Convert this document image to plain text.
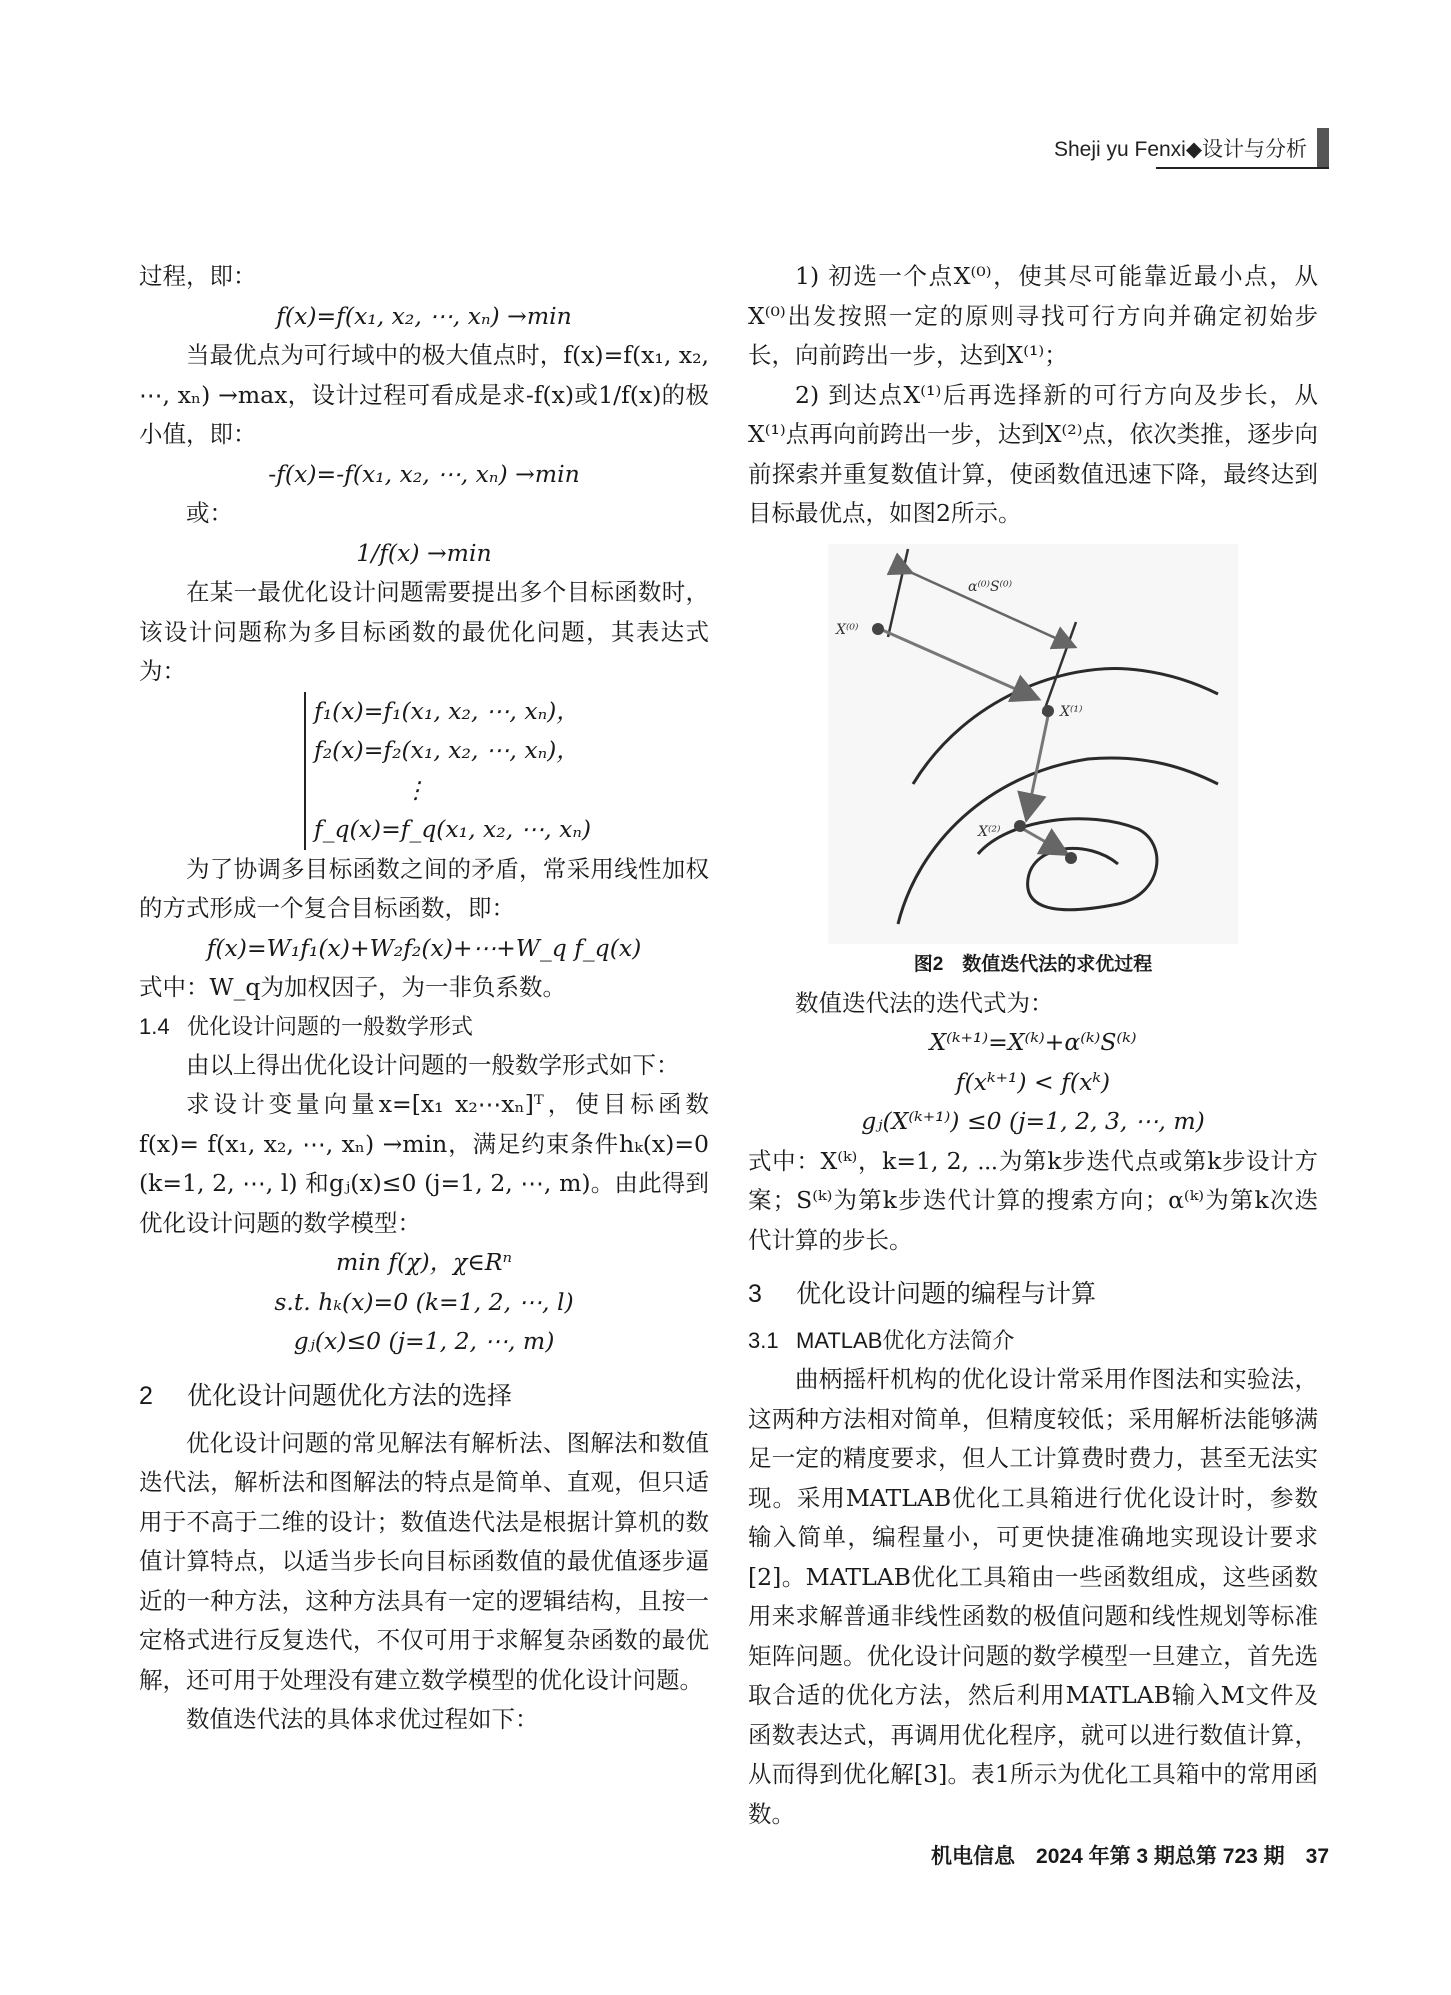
Sheji yu Fenxi◆设计与分析

过程，即：

f(x)=f(x₁, x₂, ⋯, xₙ) →min

当最优点为可行域中的极大值点时，f(x)=f(x₁, x₂, ⋯, xₙ) →max，设计过程可看成是求-f(x)或1/f(x)的极小值，即：

-f(x)=-f(x₁, x₂, ⋯, xₙ) →min

或：

1/f(x) →min

在某一最优化设计问题需要提出多个目标函数时，该设计问题称为多目标函数的最优化问题，其表达式为：

f₁(x)=f₁(x₁, x₂, ⋯, xₙ)，
f₂(x)=f₂(x₁, x₂, ⋯, xₙ)，
⋮
f_q(x)=f_q(x₁, x₂, ⋯, xₙ)

为了协调多目标函数之间的矛盾，常采用线性加权的方式形成一个复合目标函数，即：

f(x)=W₁f₁(x)+W₂f₂(x)+⋯+W_q f_q(x)

式中：W_q为加权因子，为一非负系数。

1.4 优化设计问题的一般数学形式

由以上得出优化设计问题的一般数学形式如下：

求设计变量向量x=[x₁ x₂⋯xₙ]ᵀ，使目标函数f(x)= f(x₁, x₂, ⋯, xₙ) →min，满足约束条件hₖ(x)=0 (k=1, 2, ⋯, l) 和gⱼ(x)≤0 (j=1, 2, ⋯, m)。由此得到优化设计问题的数学模型：

min f(χ)，χ∈Rⁿ

s.t. hₖ(x)=0 (k=1, 2, ⋯, l)

gⱼ(x)≤0 (j=1, 2, ⋯, m)

2 优化设计问题优化方法的选择

优化设计问题的常见解法有解析法、图解法和数值迭代法，解析法和图解法的特点是简单、直观，但只适用于不高于二维的设计；数值迭代法是根据计算机的数值计算特点，以适当步长向目标函数值的最优值逐步逼近的一种方法，这种方法具有一定的逻辑结构，且按一定格式进行反复迭代，不仅可用于求解复杂函数的最优解，还可用于处理没有建立数学模型的优化设计问题。

数值迭代法的具体求优过程如下：

1) 初选一个点X⁽⁰⁾，使其尽可能靠近最小点，从X⁽⁰⁾出发按照一定的原则寻找可行方向并确定初始步长，向前跨出一步，达到X⁽¹⁾；

2) 到达点X⁽¹⁾后再选择新的可行方向及步长，从X⁽¹⁾点再向前跨出一步，达到X⁽²⁾点，依次类推，逐步向前探索并重复数值计算，使函数值迅速下降，最终达到目标最优点，如图2所示。

α⁽⁰⁾S⁽⁰⁾
X⁽⁰⁾
X⁽¹⁾
X⁽²⁾

图2　数值迭代法的求优过程

数值迭代法的迭代式为：

X⁽ᵏ⁺¹⁾=X⁽ᵏ⁾+α⁽ᵏ⁾S⁽ᵏ⁾

f(xᵏ⁺¹) < f(xᵏ)

gⱼ(X⁽ᵏ⁺¹⁾) ≤0 (j=1, 2, 3, ⋯, m)

式中：X⁽ᵏ⁾，k=1, 2, ⋯为第k步迭代点或第k步设计方案；S⁽ᵏ⁾为第k步迭代计算的搜索方向；α⁽ᵏ⁾为第k次迭代计算的步长。

3 优化设计问题的编程与计算

3.1 MATLAB优化方法简介

曲柄摇杆机构的优化设计常采用作图法和实验法，这两种方法相对简单，但精度较低；采用解析法能够满足一定的精度要求，但人工计算费时费力，甚至无法实现。采用MATLAB优化工具箱进行优化设计时，参数输入简单，编程量小，可更快捷准确地实现设计要求[2]。MATLAB优化工具箱由一些函数组成，这些函数用来求解普通非线性函数的极值问题和线性规划等标准矩阵问题。优化设计问题的数学模型一旦建立，首先选取合适的优化方法，然后利用MATLAB输入M文件及函数表达式，再调用优化程序，就可以进行数值计算，从而得到优化解[3]。表1所示为优化工具箱中的常用函数。

机电信息　2024 年第 3 期总第 723 期　37
